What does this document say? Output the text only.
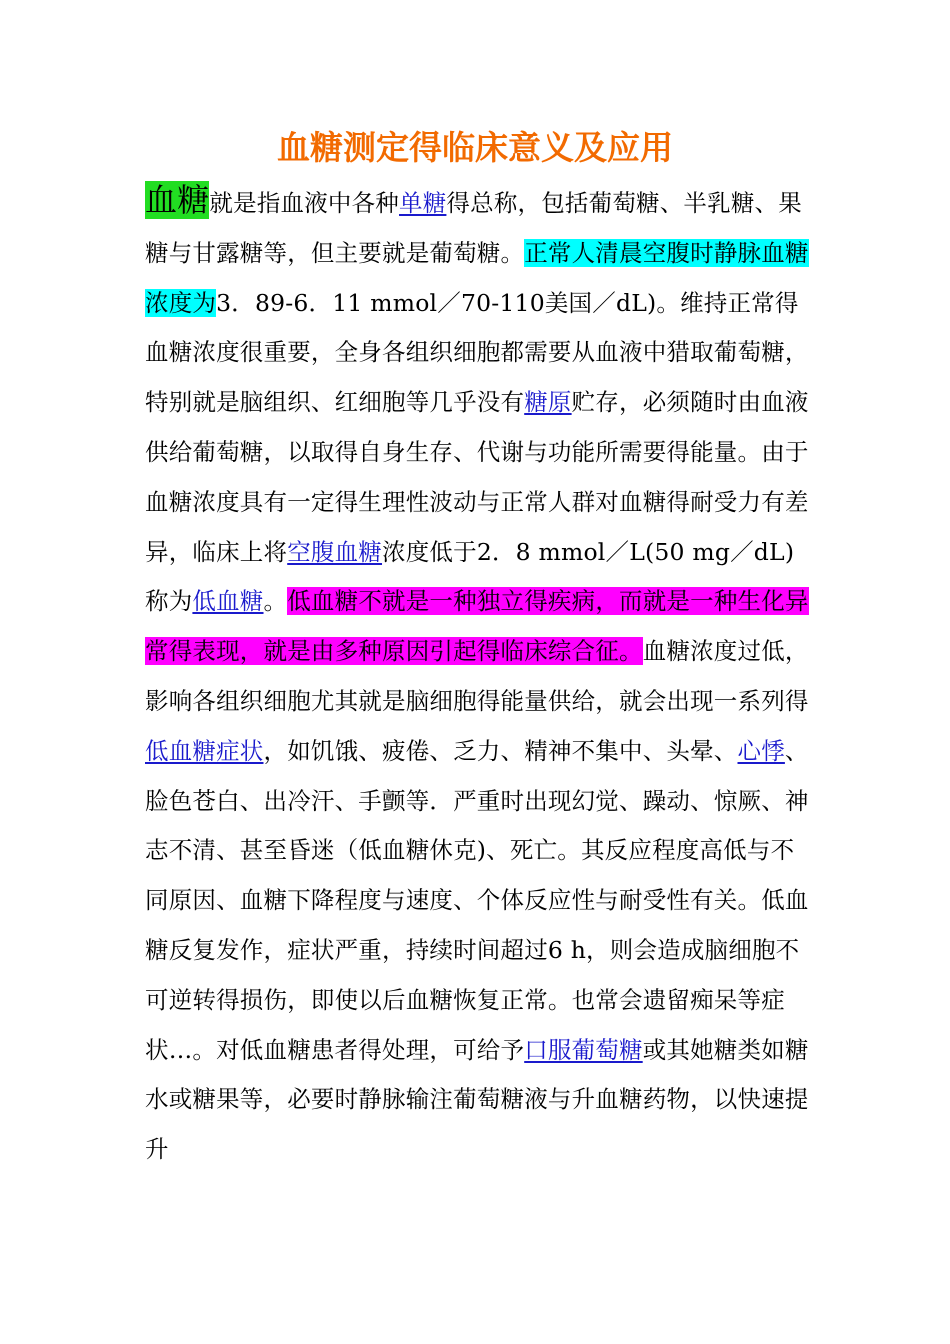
血糖测定得临床意义及应用

血糖就是指血液中各种单糖得总称，包括葡萄糖、半乳糖、果糖与甘露糖等，但主要就是葡萄糖。正常人清晨空腹时静脉血糖浓度为3．89-6．11 mmol／70-110美国／dL)。维持正常得血糖浓度很重要，全身各组织细胞都需要从血液中猎取葡萄糖，特别就是脑组织、红细胞等几乎没有糖原贮存，必须随时由血液供给葡萄糖，以取得自身生存、代谢与功能所需要得能量。由于血糖浓度具有一定得生理性波动与正常人群对血糖得耐受力有差异，临床上将空腹血糖浓度低于2．8 mmol／L(50 mg／dL)称为低血糖。低血糖不就是一种独立得疾病，而就是一种生化异常得表现，就是由多种原因引起得临床综合征。血糖浓度过低，影响各组织细胞尤其就是脑细胞得能量供给，就会出现一系列得低血糖症状，如饥饿、疲倦、乏力、精神不集中、头晕、心悸、脸色苍白、出冷汗、手颤等．严重时出现幻觉、躁动、惊厥、神志不清、甚至昏迷（低血糖休克)、死亡。其反应程度高低与不同原因、血糖下降程度与速度、个体反应性与耐受性有关。低血糖反复发作，症状严重，持续时间超过6 h，则会造成脑细胞不可逆转得损伤，即使以后血糖恢复正常。也常会遗留痴呆等症状…。对低血糖患者得处理，可给予口服葡萄糖或其她糖类如糖水或糖果等，必要时静脉输注葡萄糖液与升血糖药物，以快速提升
